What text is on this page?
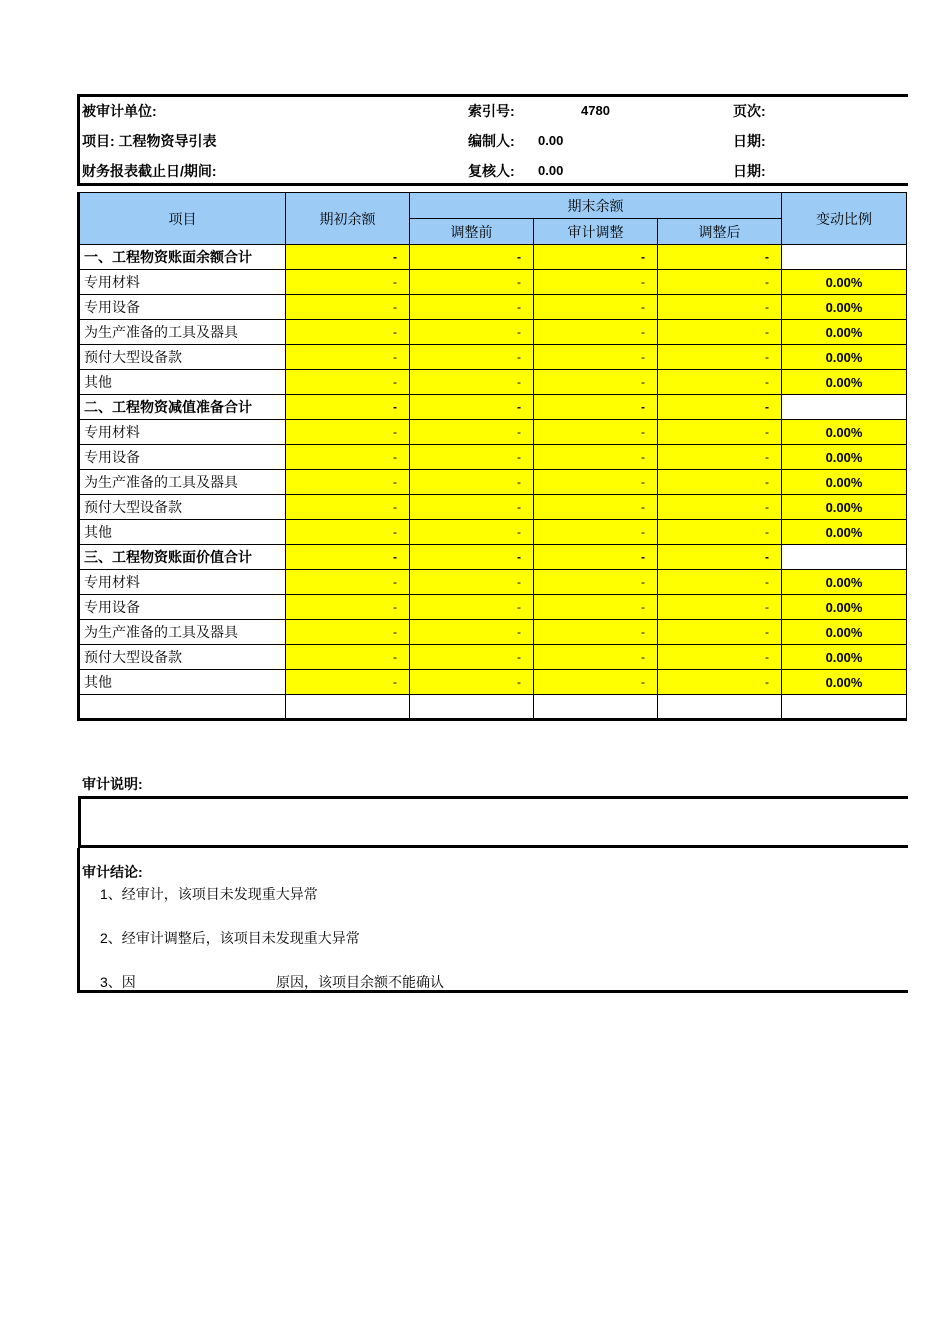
被审计单位:	索引号:	4780	页次:
项目: 工程物资导引表	编制人: 0.00	日期:
财务报表截止日/期间:	复核人: 0.00	日期:
项目	期初余额	期末余额			变动比例
		调整前	审计调整	调整后	
一、工程物资账面余额合计	-	-	-	-	
专用材料	-	-	-	-	0.00%
专用设备	-	-	-	-	0.00%
为生产准备的工具及器具	-	-	-	-	0.00%
预付大型设备款	-	-	-	-	0.00%
其他	-	-	-	-	0.00%
二、工程物资减值准备合计	-	-	-	-	
专用材料	-	-	-	-	0.00%
专用设备	-	-	-	-	0.00%
为生产准备的工具及器具	-	-	-	-	0.00%
预付大型设备款	-	-	-	-	0.00%
其他	-	-	-	-	0.00%
三、工程物资账面价值合计	-	-	-	-	
专用材料	-	-	-	-	0.00%
专用设备	-	-	-	-	0.00%
为生产准备的工具及器具	-	-	-	-	0.00%
预付大型设备款	-	-	-	-	0.00%
其他	-	-	-	-	0.00%

审计说明:
审计结论:
1、经审计，该项目未发现重大异常
2、经审计调整后，该项目未发现重大异常
3、因	原因，该项目余额不能确认
